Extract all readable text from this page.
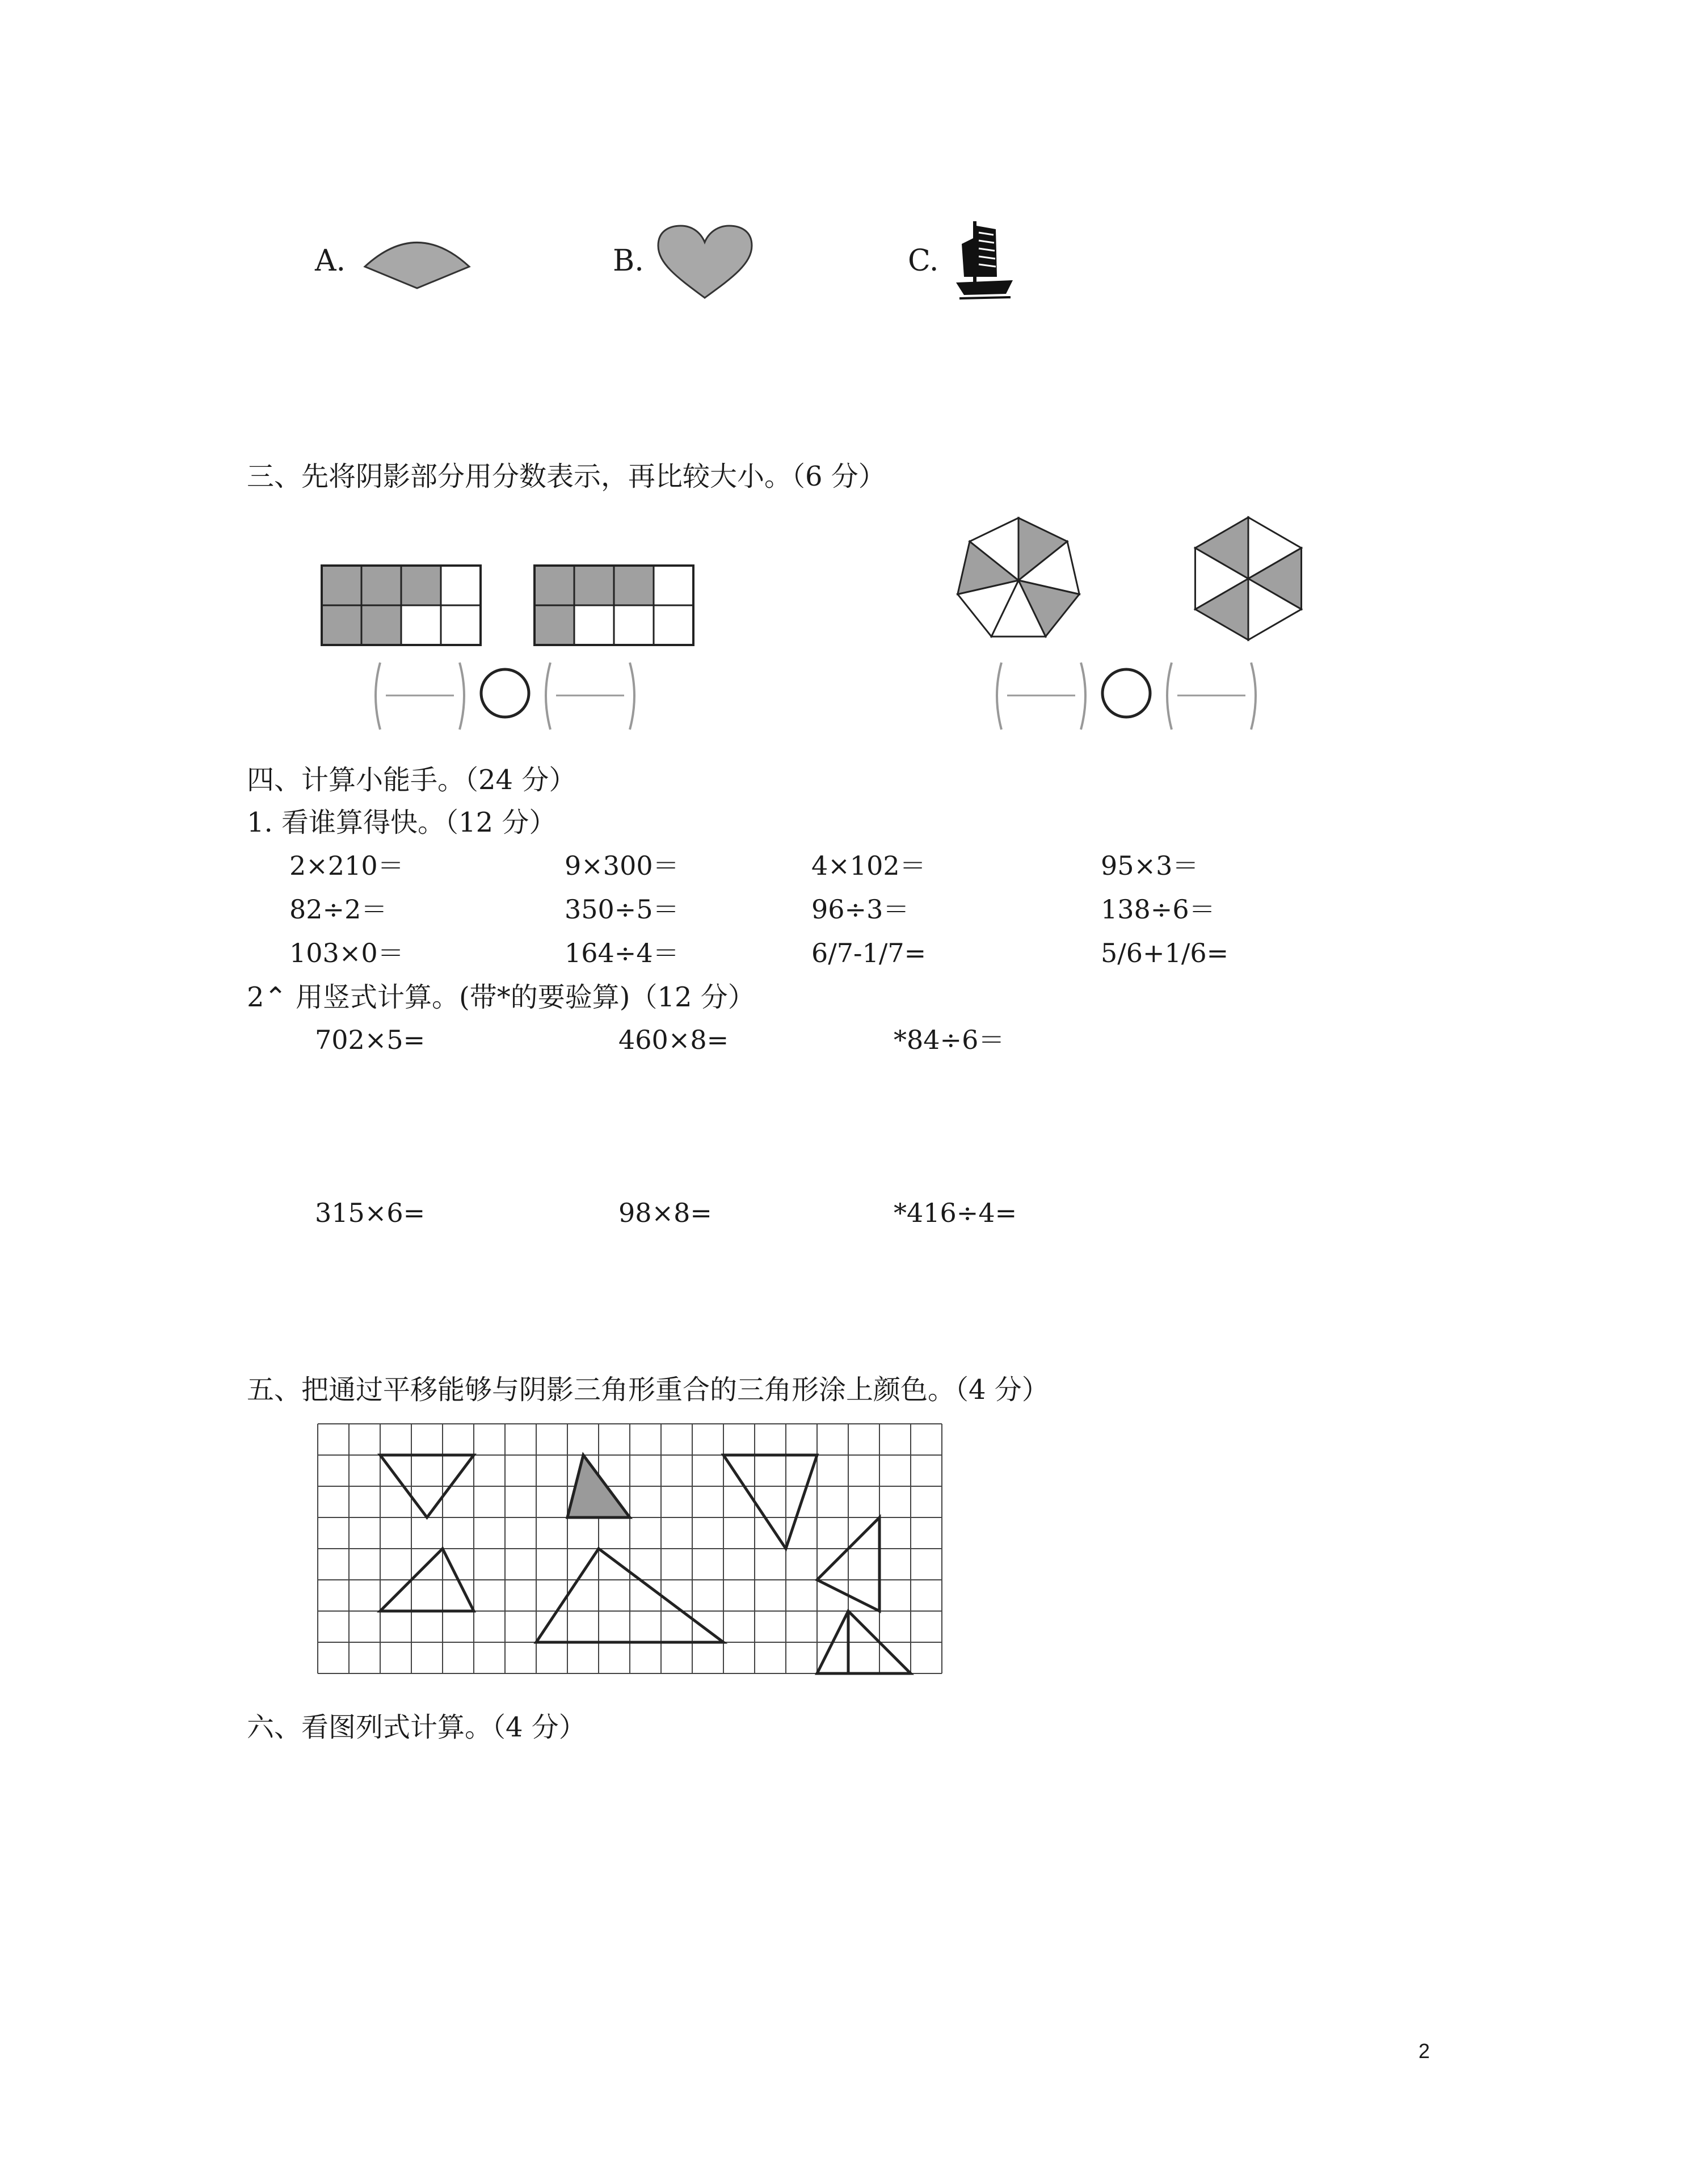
A.	B.	C.
三、先将阴影部分用分数表示，再比较大小。（6 分）
四、计算小能手。（24 分）
1. 看谁算得快。（12 分）
2×210＝	9×300＝	4×102＝	95×3＝
82÷2＝	350÷5＝	96÷3＝	138÷6＝
103×0＝	164÷4＝	6/7-1/7=	5/6+1/6=
2⌃ 用竖式计算。(带*的要验算)（12 分）
702×5=	460×8=	*84÷6＝
315×6=	98×8=	*416÷4=
五、把通过平移能够与阴影三角形重合的三角形涂上颜色。（4 分）
六、看图列式计算。（4 分）
2
